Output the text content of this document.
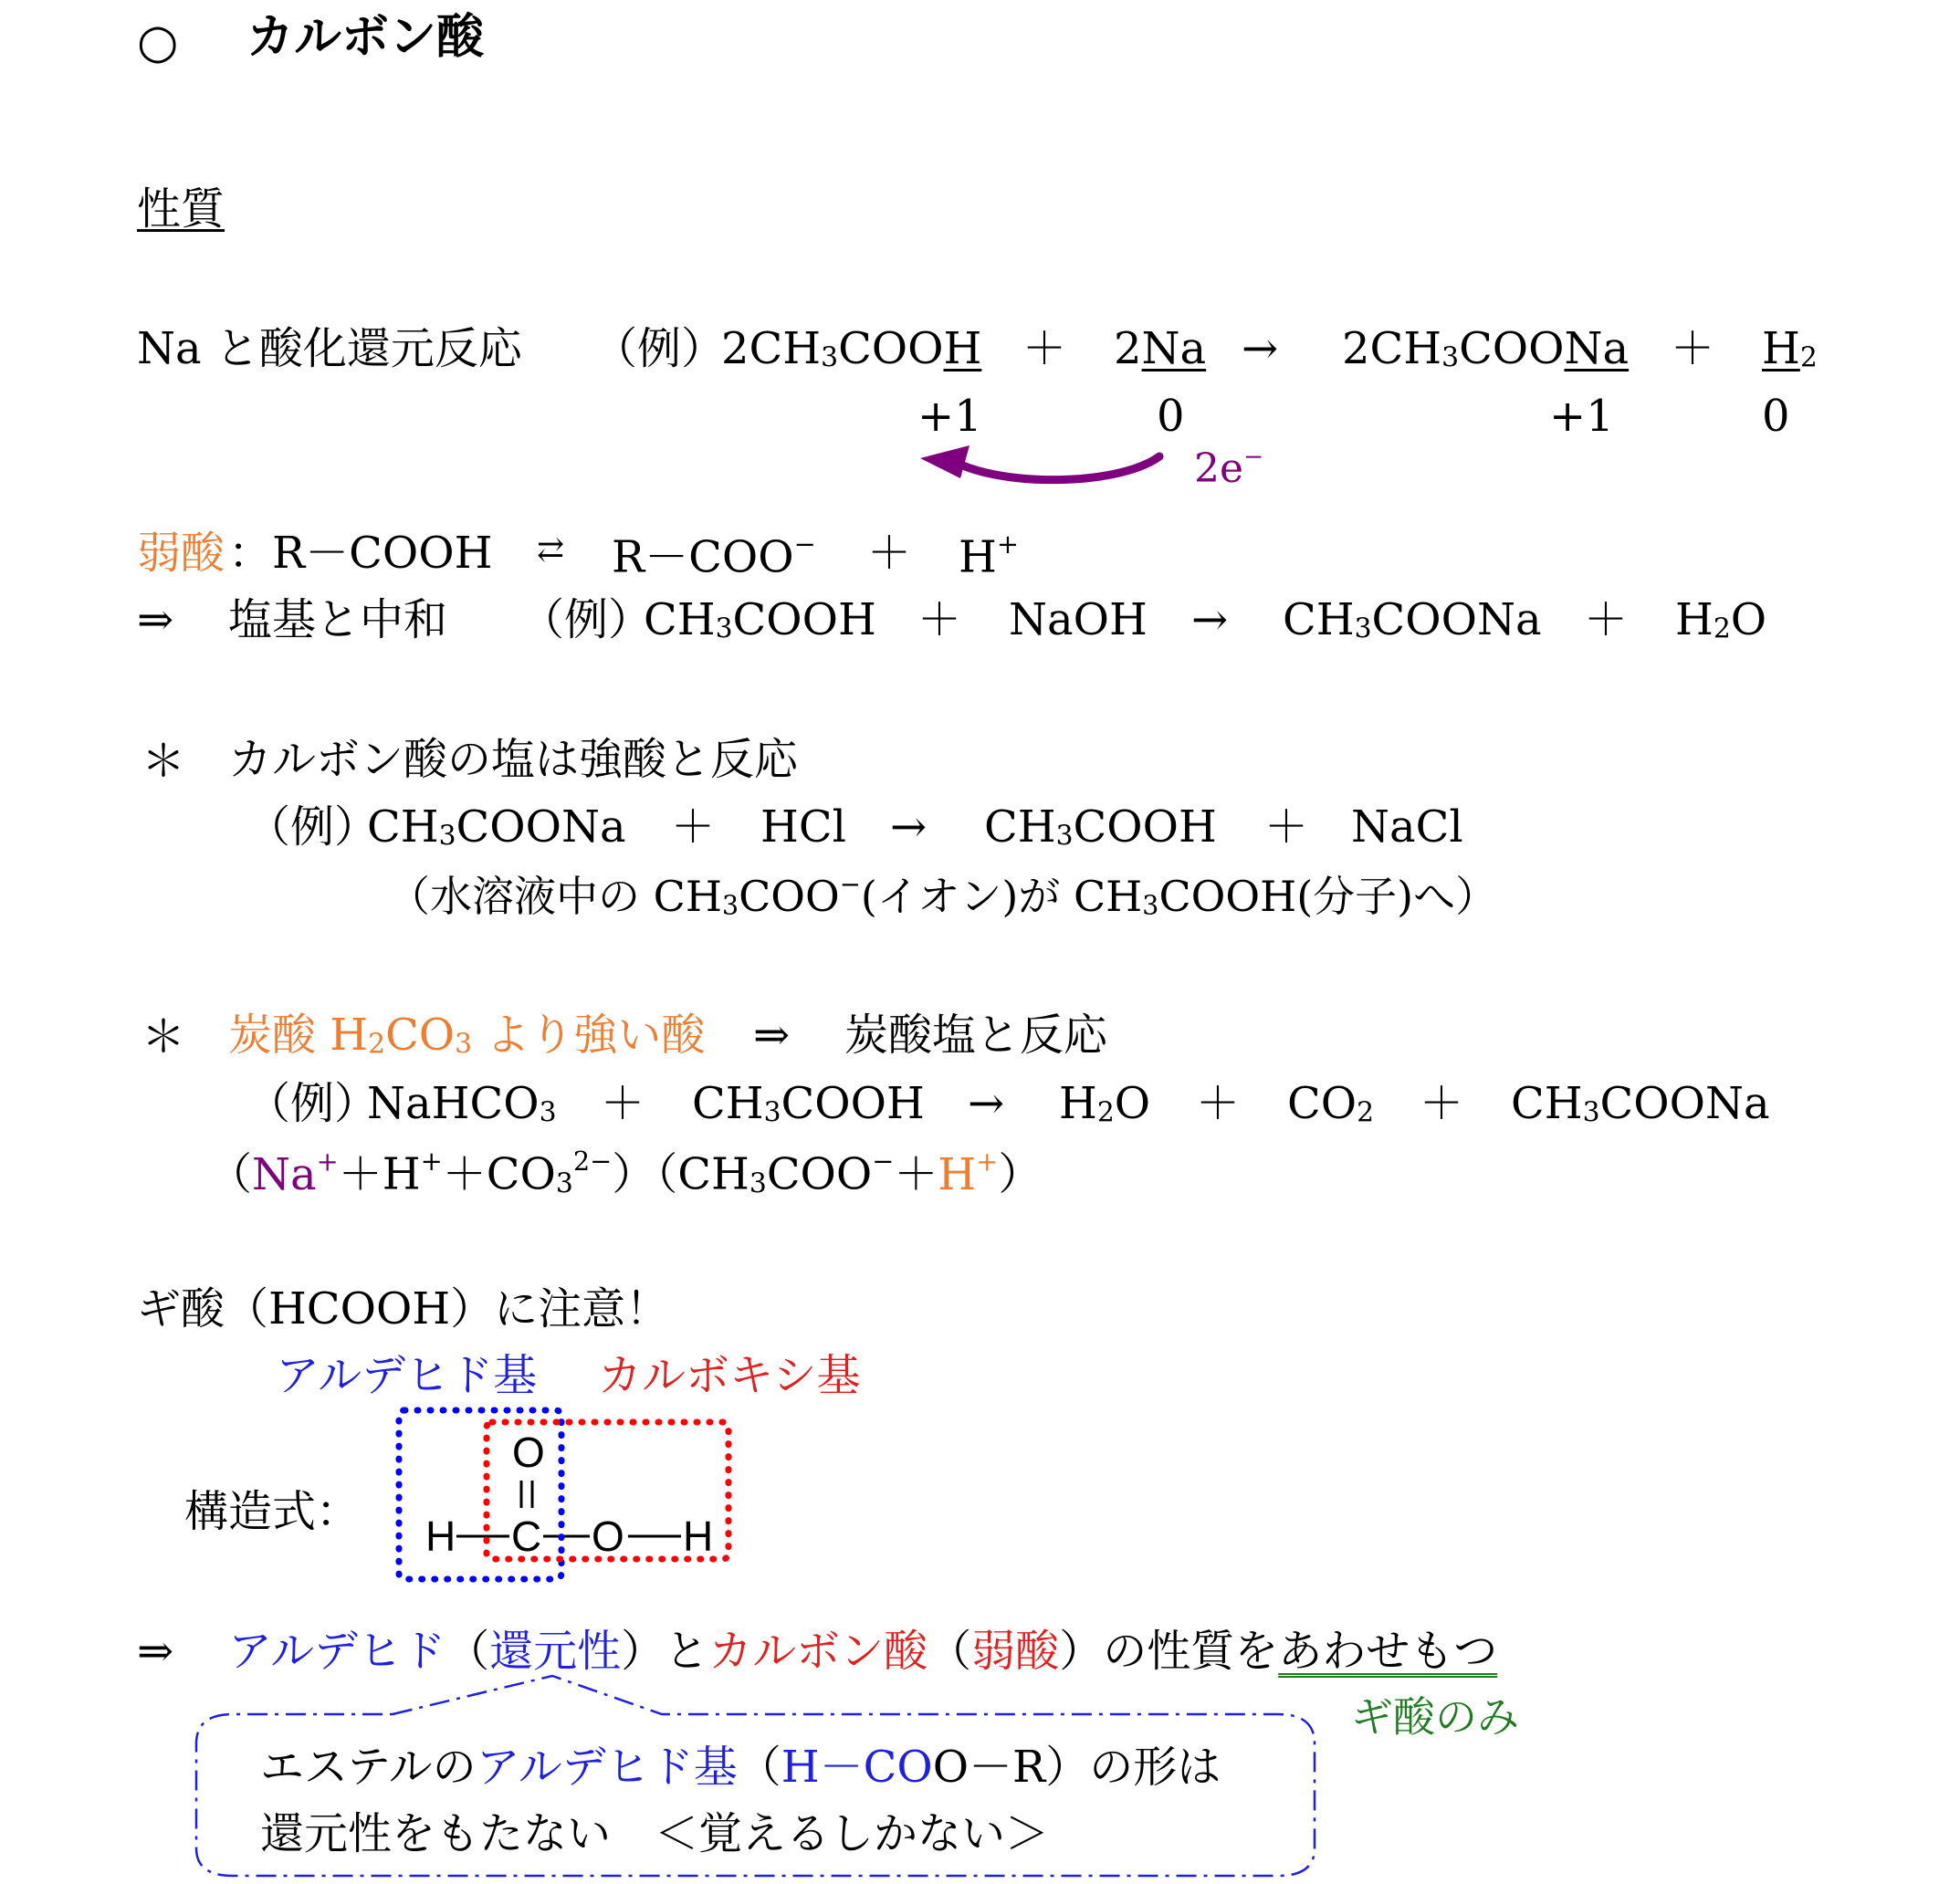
○ カルボン酸
性質
Na と酸化還元反応 （例）
2CH3COOH ＋ 2Na → 2CH3COONa ＋ H2
+1	0	+1	0
2e−
弱酸 ：R－COOH ⇄ R－COO− ＋ H+
⇒ 塩基と中和 （例）
CH3COOH ＋ NaOH → CH3COONa ＋ H2O
＊ カルボン酸の塩は強酸と反応
（例）
CH3COONa ＋ HCl → CH3COOH ＋ NaCl
（水溶液中の CH3COO−(イオン)が CH3COOH(分子)へ）
＊ 炭酸 H2CO3 より強い酸 ⇒ 炭酸塩と反応
（例）
NaHCO3 ＋ CH3COOH → H2O ＋ CO2 ＋ CH3COONa
$(Na^++H^++CO3^{2-})(CH3COO^-+H^+)$
ギ酸（HCOOH）に注意！
アルデヒド基 カルボキシ基
構造式：
O
H C O H
⇒ アルデヒド（還元性）とカルボン酸（弱酸）の性質をあわせもつ
ギ酸のみ
エステルのアルデヒド基（H－COO－R）の形は
還元性をもたない　＜覚えるしかない＞
